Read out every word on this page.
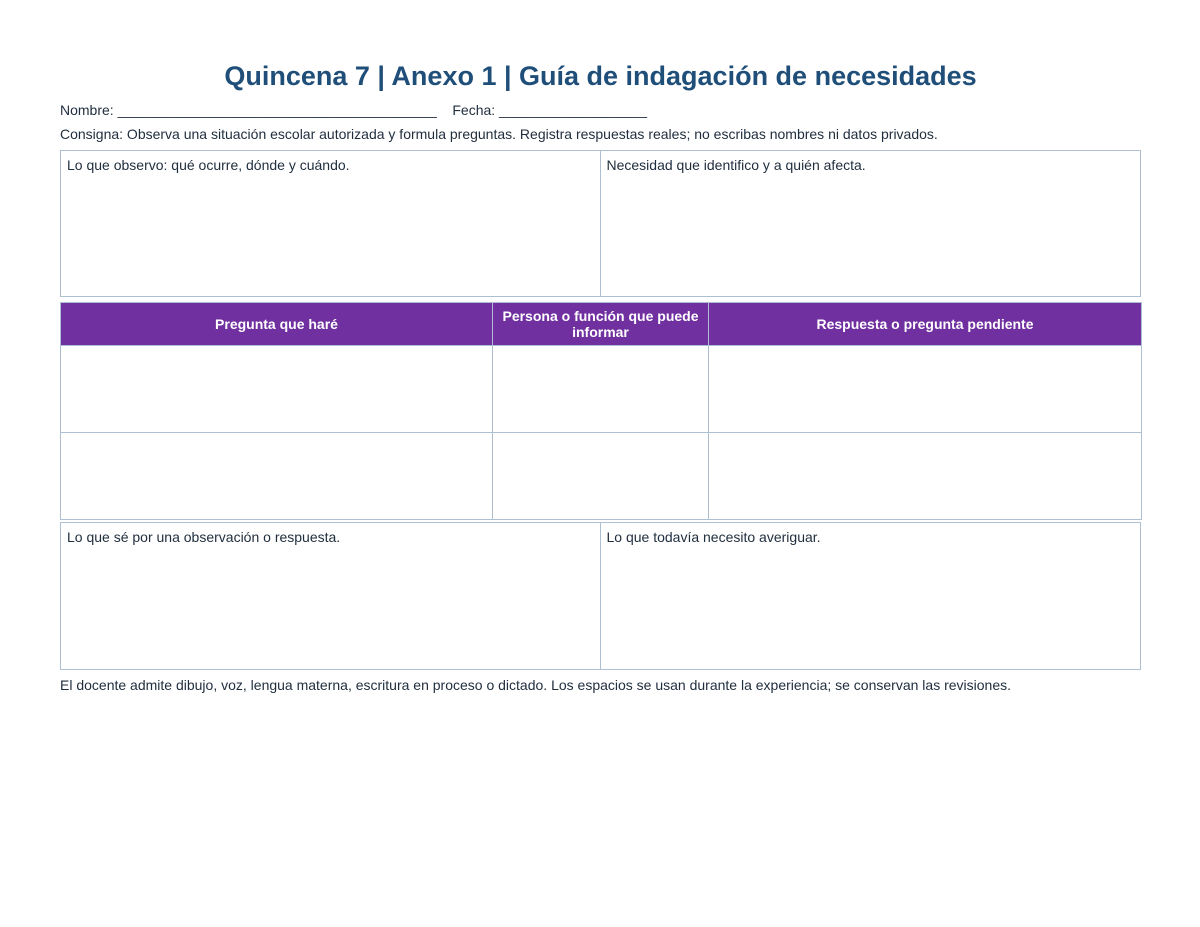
Quincena 7 | Anexo 1 | Guía de indagación de necesidades
Nombre: _________________________________________    Fecha: ___________________
Consigna: Observa una situación escolar autorizada y formula preguntas. Registra respuestas reales; no escribas nombres ni datos privados.
Lo que observo: qué ocurre, dónde y cuándo.	Necesidad que identifico y a quién afecta.
Pregunta que haré	Persona o función que puede informar	Respuesta o pregunta pendiente

Lo que sé por una observación o respuesta.	Lo que todavía necesito averiguar.
El docente admite dibujo, voz, lengua materna, escritura en proceso o dictado. Los espacios se usan durante la experiencia; se conservan las revisiones.
